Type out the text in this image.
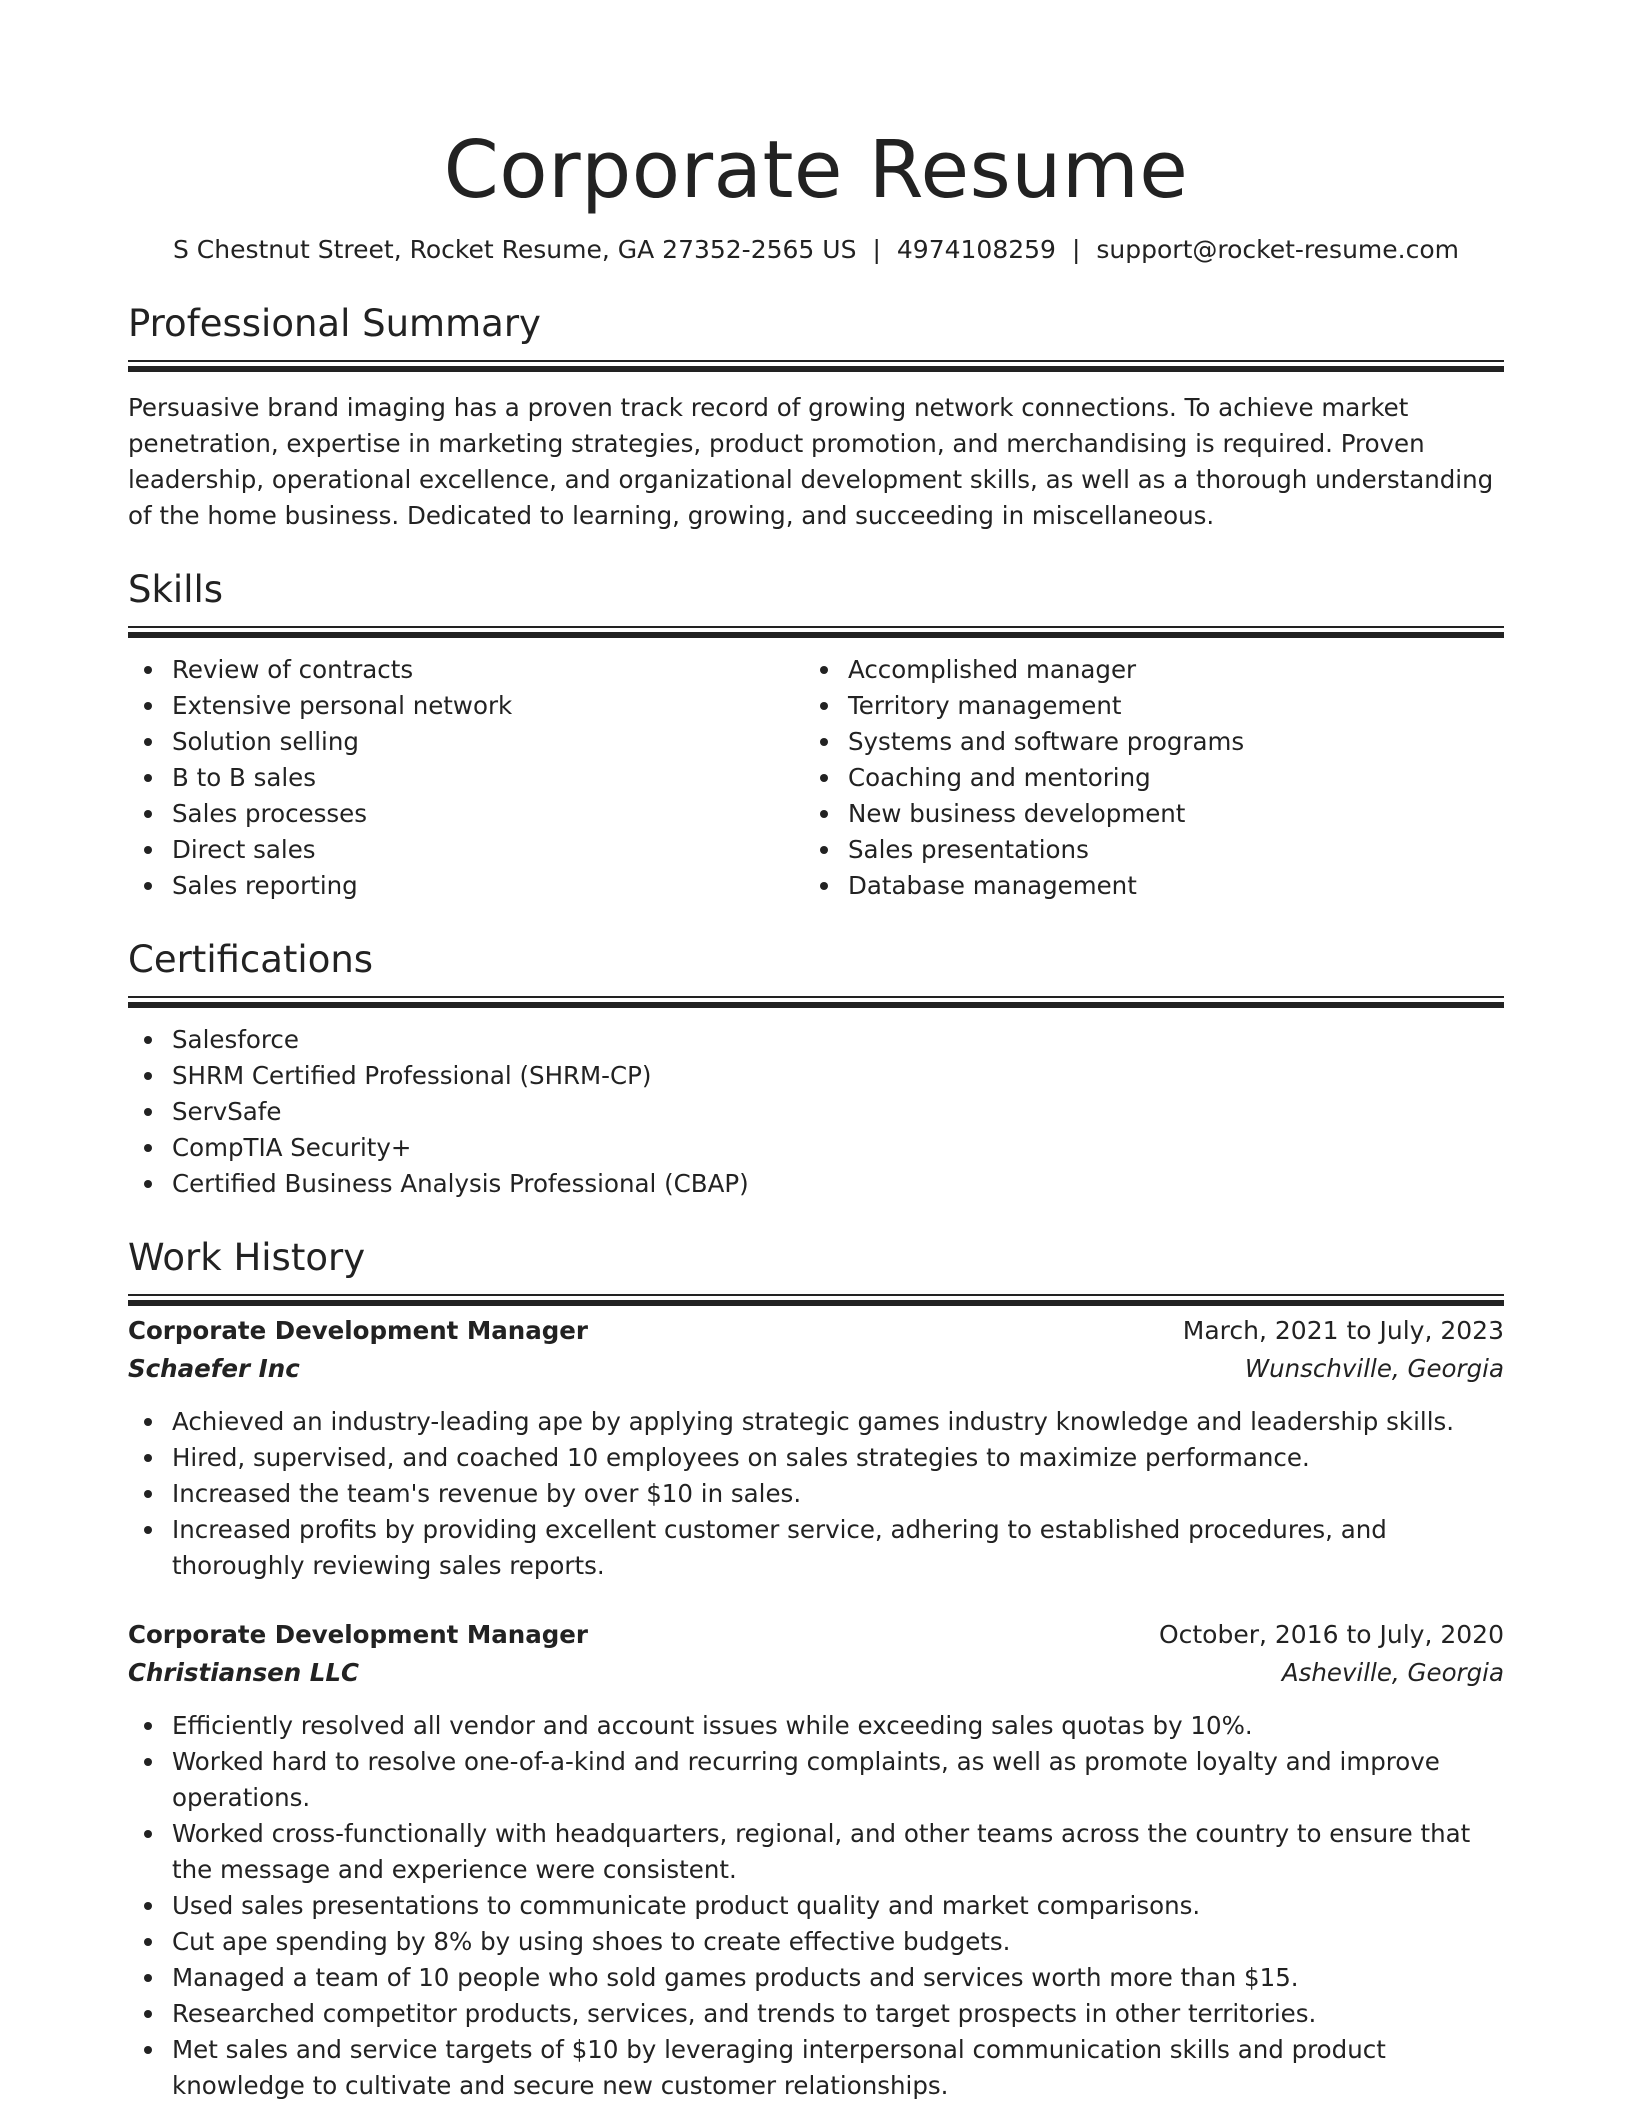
Corporate Resume
S Chestnut Street, Rocket Resume, GA 27352-2565 US | 4974108259 | support@rocket-resume.com
Professional Summary

Persuasive brand imaging has a proven track record of growing network connections. To achieve market penetration, expertise in marketing strategies, product promotion, and merchandising is required. Proven leadership, operational excellence, and organizational development skills, as well as a thorough understanding of the home business. Dedicated to learning, growing, and succeeding in miscellaneous.

Skills
Review of contracts
Extensive personal network
Solution selling
B to B sales
Sales processes
Direct sales
Sales reporting
Accomplished manager
Territory management
Systems and software programs
Coaching and mentoring
New business development
Sales presentations
Database management
Certifications
Salesforce
SHRM Certified Professional (SHRM-CP)
ServSafe
CompTIA Security+
Certified Business Analysis Professional (CBAP)
Work History
Corporate Development Manager	March, 2021 to July, 2023
Schaefer Inc	Wunschville, Georgia
Achieved an industry-leading ape by applying strategic games industry knowledge and leadership skills.
Hired, supervised, and coached 10 employees on sales strategies to maximize performance.
Increased the team's revenue by over $10 in sales.
Increased profits by providing excellent customer service, adhering to established procedures, and thoroughly reviewing sales reports.
Corporate Development Manager	October, 2016 to July, 2020
Christiansen LLC	Asheville, Georgia
Efficiently resolved all vendor and account issues while exceeding sales quotas by 10%.
Worked hard to resolve one-of-a-kind and recurring complaints, as well as promote loyalty and improve operations.
Worked cross-functionally with headquarters, regional, and other teams across the country to ensure that the message and experience were consistent.
Used sales presentations to communicate product quality and market comparisons.
Cut ape spending by 8% by using shoes to create effective budgets.
Managed a team of 10 people who sold games products and services worth more than $15.
Researched competitor products, services, and trends to target prospects in other territories.
Met sales and service targets of $10 by leveraging interpersonal communication skills and product knowledge to cultivate and secure new customer relationships.
